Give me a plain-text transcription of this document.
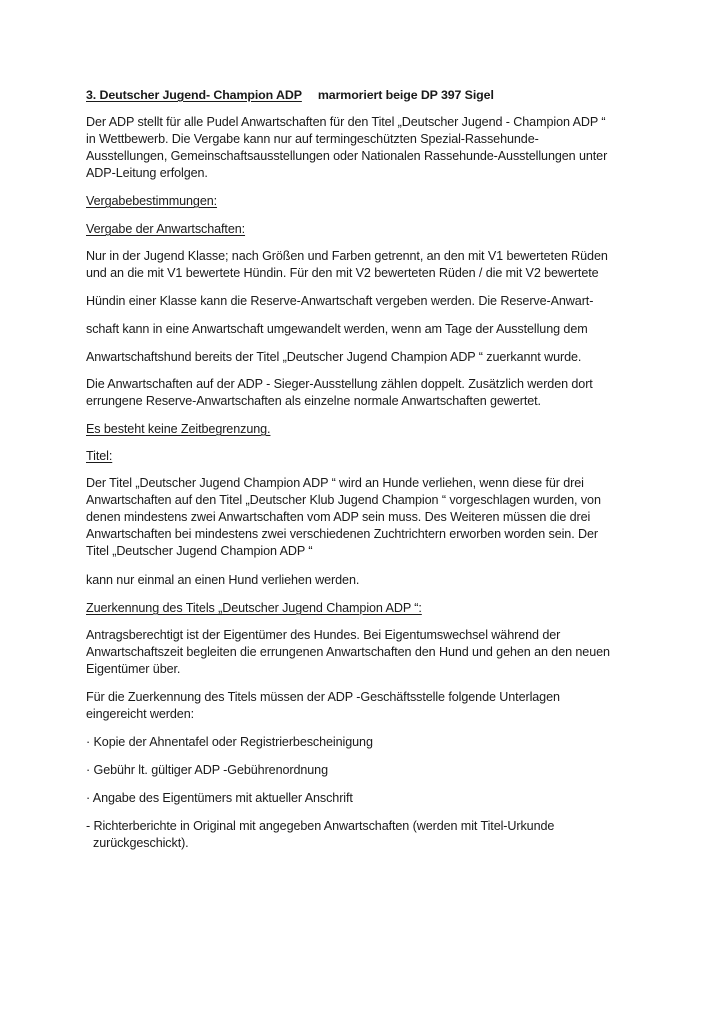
3. Deutscher Jugend- Champion ADP marmoriert beige DP 397 Sigel
Der ADP stellt für alle Pudel Anwartschaften für den Titel „Deutscher Jugend - Champion ADP “
in Wettbewerb. Die Vergabe kann nur auf termingeschützten Spezial-Rassehunde-
Ausstellungen, Gemeinschaftsausstellungen oder Nationalen Rassehunde-Ausstellungen unter
ADP-Leitung erfolgen.
Vergabebestimmungen:
Vergabe der Anwartschaften:
Nur in der Jugend Klasse; nach Größen und Farben getrennt, an den mit V1 bewerteten Rüden
und an die mit V1 bewertete Hündin. Für den mit V2 bewerteten Rüden / die mit V2 bewertete
Hündin einer Klasse kann die Reserve-Anwartschaft vergeben werden. Die Reserve-Anwart-
schaft kann in eine Anwartschaft umgewandelt werden, wenn am Tage der Ausstellung dem
Anwartschaftshund bereits der Titel „Deutscher Jugend Champion ADP “ zuerkannt wurde.
Die Anwartschaften auf der ADP - Sieger-Ausstellung zählen doppelt. Zusätzlich werden dort
errungene Reserve-Anwartschaften als einzelne normale Anwartschaften gewertet.
Es besteht keine Zeitbegrenzung.
Titel:
Der Titel „Deutscher Jugend Champion ADP “ wird an Hunde verliehen, wenn diese für drei
Anwartschaften auf den Titel „Deutscher Klub Jugend Champion “ vorgeschlagen wurden, von
denen mindestens zwei Anwartschaften vom ADP sein muss. Des Weiteren müssen die drei
Anwartschaften bei mindestens zwei verschiedenen Zuchtrichtern erworben worden sein. Der
Titel „Deutscher Jugend Champion ADP “
kann nur einmal an einen Hund verliehen werden.
Zuerkennung des Titels „Deutscher Jugend Champion ADP “:
Antragsberechtigt ist der Eigentümer des Hundes. Bei Eigentumswechsel während der
Anwartschaftszeit begleiten die errungenen Anwartschaften den Hund und gehen an den neuen
Eigentümer über.
Für die Zuerkennung des Titels müssen der ADP -Geschäftsstelle folgende Unterlagen
eingereicht werden:
· Kopie der Ahnentafel oder Registrierbescheinigung
· Gebühr lt. gültiger ADP -Gebührenordnung
· Angabe des Eigentümers mit aktueller Anschrift
- Richterberichte in Original mit angegeben Anwartschaften (werden mit Titel-Urkunde
zurückgeschickt).
